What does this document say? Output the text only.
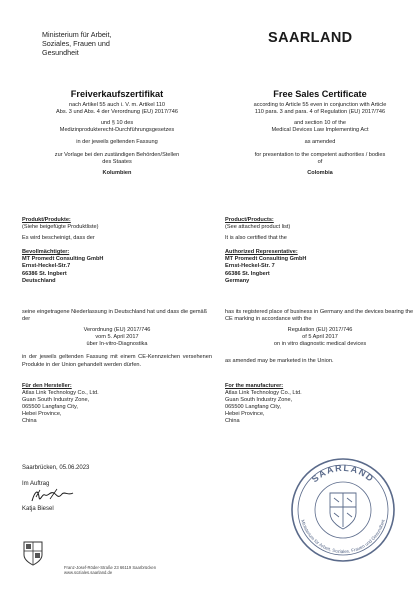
Ministerium für Arbeit,
Soziales, Frauen und
Gesundheit
SAARLAND
Freiverkaufszertifikat
nach Artikel 55 auch i. V. m. Artikel 110
Abs. 3 und Abs. 4 der Verordnung (EU) 2017/746
und § 10 des
Medizinprodukterecht-Durchführungsgesetzes
in der jeweils geltenden Fassung
zur Vorlage bei den zuständigen Behörden/Stellen
des Staates
Kolumbien
Produkt/Produkte:
(Siehe beigefügte Produktliste)
Es wird bescheinigt, dass der
Bevollmächtigter:
MT Promedt Consulting GmbH
Ernst-Heckel-Str.7
66386 St. Ingbert
Deutschland
seine eingetragene Niederlassung in Deutschland hat und dass die gemäß der
Verordnung (EU) 2017/746
vom 5. April 2017
über In-vitro-Diagnostika
in der jeweils geltenden Fassung mit einem CE-Kennzeichen versehenen Produkte in der Union gehandelt werden dürfen.
Für den Hersteller:
Atlas Link Technology Co., Ltd.
Guan South Industry Zone,
065500 Langfang City,
Hebei Province,
China
Free Sales Certificate
according to Article 55 even in conjunction with Article
110 para. 3 and para. 4 of Regulation (EU) 2017/746
and section 10 of the
Medical Devices Law Implementing Act
as amended
for presentation to the competent authorities / bodies
of
Colombia
Product/Products:
(See attached product list)
It is also certified that the
Authorized Representative:
MT Promedt Consulting GmbH
Ernst-Heckel-Str. 7
66386 St. Ingbert
Germany
has its registered place of business in Germany and the devices bearing the CE marking in accordance with the
Regulation (EU) 2017/746
of 5 April 2017
on in vitro diagnostic medical devices
as amended may be marketed in the Union.
For the manufacturer:
Atlas Link Technology Co., Ltd.
Guan South Industry Zone,
065500 Langfang City,
Hebei Province,
China
Saarbrücken, 05.06.2023
Im Auftrag
Katja Biesel
SAARLAND
Ministerium für Arbeit, Soziales, Frauen und Gesundheit
Franz-Josef-Röder-Straße 23 66119 Saarbrücken
www.soziales.saarland.de
